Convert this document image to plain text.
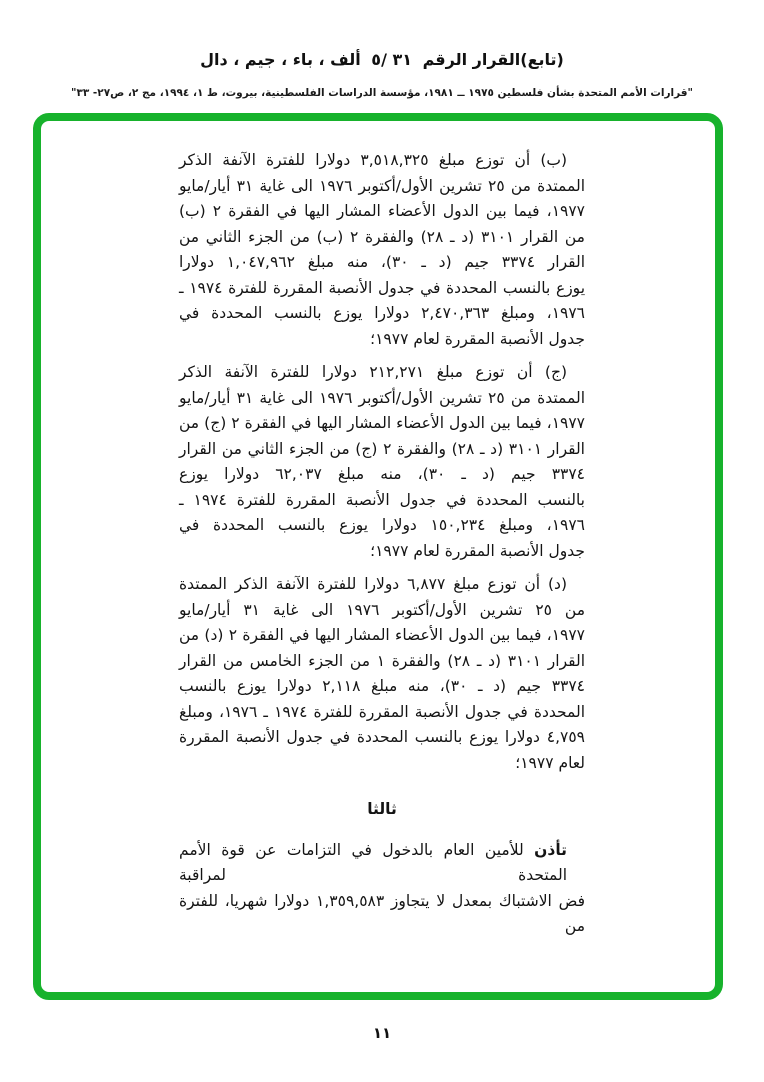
(تابع)القرار الرقم ٣١ /٥ ألف ، باء ، جيم ، دال
"قرارات الأمم المتحدة بشأن فلسطين ١٩٧٥ ــ ١٩٨١، مؤسسة الدراسات الفلسطينية، بيروت، ط ١، ١٩٩٤، مج ٢، ص٢٧- ٣٣"
(ب) أن توزع مبلغ ٣,٥١٨,٣٢٥ دولارا للفترة الآنفة الذكر
الممتدة من ٢٥ تشرين الأول/أكتوبر ١٩٧٦ الى غاية ٣١ أيار/مايو
١٩٧٧، فيما بين الدول الأعضاء المشار اليها في الفقرة ٢ (ب)
من القرار ٣١٠١ (د ـ ٢٨) والفقرة ٢ (ب) من الجزء الثاني من
القرار ٣٣٧٤ جيم (د ـ ٣٠)، منه مبلغ ١,٠٤٧,٩٦٢ دولارا
يوزع بالنسب المحددة في جدول الأنصبة المقررة للفترة ١٩٧٤ ـ
١٩٧٦، ومبلغ ٢,٤٧٠,٣٦٣ دولارا يوزع بالنسب المحددة في
جدول الأنصبة المقررة لعام ١٩٧٧؛
(ج) أن توزع مبلغ ٢١٢,٢٧١ دولارا للفترة الآنفة الذكر
الممتدة من ٢٥ تشرين الأول/أكتوبر ١٩٧٦ الى غاية ٣١ أيار/مايو
١٩٧٧، فيما بين الدول الأعضاء المشار اليها في الفقرة ٢ (ج) من
القرار ٣١٠١ (د ـ ٢٨) والفقرة ٢ (ج) من الجزء الثاني من القرار
٣٣٧٤ جيم (د ـ ٣٠)، منه مبلغ ٦٢,٠٣٧ دولارا يوزع
بالنسب المحددة في جدول الأنصبة المقررة للفترة ١٩٧٤ ـ
١٩٧٦، ومبلغ ١٥٠,٢٣٤ دولارا يوزع بالنسب المحددة في
جدول الأنصبة المقررة لعام ١٩٧٧؛
(د) أن توزع مبلغ ٦,٨٧٧ دولارا للفترة الآنفة الذكر الممتدة
من ٢٥ تشرين الأول/أكتوبر ١٩٧٦ الى غاية ٣١ أيار/مايو
١٩٧٧، فيما بين الدول الأعضاء المشار اليها في الفقرة ٢ (د) من
القرار ٣١٠١ (د ـ ٢٨) والفقرة ١ من الجزء الخامس من القرار
٣٣٧٤ جيم (د ـ ٣٠)، منه مبلغ ٢,١١٨ دولارا يوزع بالنسب
المحددة في جدول الأنصبة المقررة للفترة ١٩٧٤ ـ ١٩٧٦، ومبلغ
٤,٧٥٩ دولارا يوزع بالنسب المحددة في جدول الأنصبة المقررة
لعام ١٩٧٧؛
ثالثا
تأذن للأمين العام بالدخول في التزامات عن قوة الأمم المتحدة لمراقبة
فض الاشتباك بمعدل لا يتجاوز ١,٣٥٩,٥٨٣ دولارا شهريا، للفترة من
١١
